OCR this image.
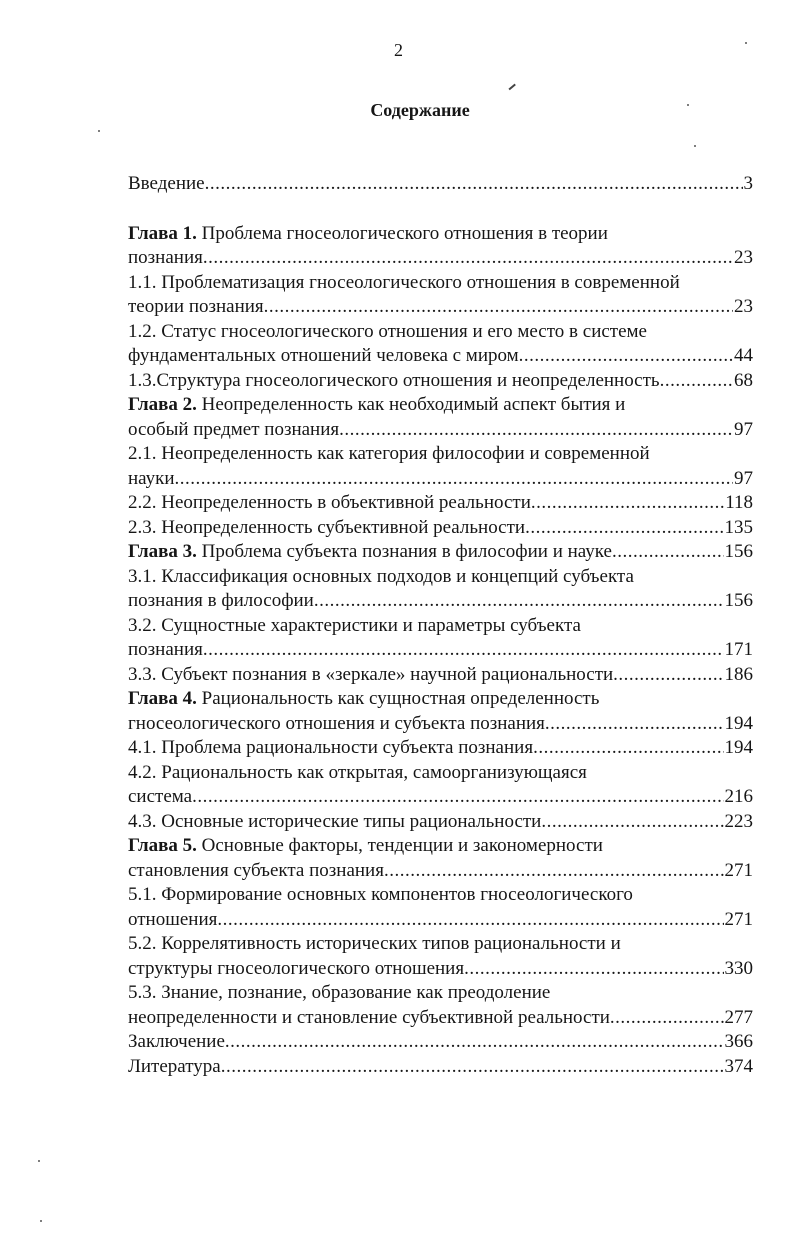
2
Содержание
Введение .....	3
Глава 1. Проблема гносеологического отношения в теории
познания .....	23
1.1. Проблематизация гносеологического отношения в современной
теории познания .....	23
1.2. Статус гносеологического отношения и его место в системе
фундаментальных отношений человека с миром .....	44
1.3.Структура гносеологического отношения и неопределенность .....	68
Глава 2. Неопределенность как необходимый аспект бытия и
особый предмет познания .....	97
2.1. Неопределенность как категория философии и современной
науки .....	97
2.2. Неопределенность в объективной реальности .....	118
2.3. Неопределенность субъективной реальности .....	135
Глава 3.
Проблема субъекта познания в философии и науке .....	156
3.1. Классификация основных подходов и концепций субъекта
познания в философии .....	156
3.2. Сущностные характеристики и параметры субъекта
познания .....	171
3.3. Субъект познания в «зеркале» научной рациональности .....	186
Глава 4. Рациональность как сущностная определенность
гносеологического отношения и субъекта познания .....	194
4.1. Проблема рациональности субъекта познания .....	194
4.2. Рациональность как открытая, самоорганизующаяся
система .....	216
4.3. Основные исторические типы рациональности .....	223
Глава 5. Основные факторы, тенденции и закономерности
становления субъекта познания .....	271
5.1. Формирование основных компонентов гносеологического
отношения .....	271
5.2. Коррелятивность исторических типов рациональности и
структуры гносеологического отношения .....	330
5.3. Знание, познание, образование как преодоление
неопределенности и становление субъективной реальности .....	277
Заключение .....	366
Литература .....	374
